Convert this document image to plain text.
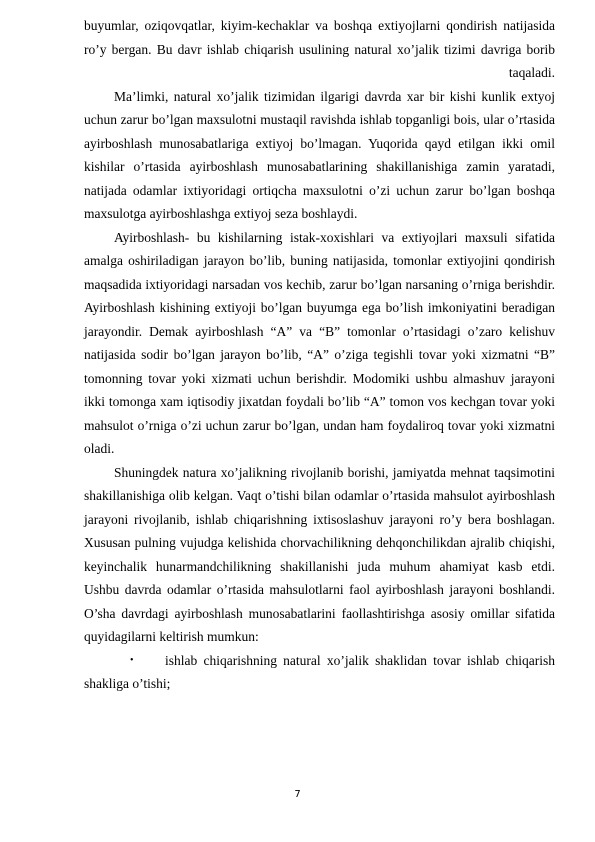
buyumlar, oziqovqatlar, kiyim-kechaklar va boshqa extiyojlarni qondirish natijasida ro’y bergan. Bu davr ishlab chiqarish usulining natural xo’jalik tizimi davriga borib taqaladi.

Ma’limki, natural xo’jalik tizimidan ilgarigi davrda xar bir kishi kunlik extyoj uchun zarur bo’lgan maxsulotni mustaqil ravishda ishlab topganligi bois, ular o’rtasida ayirboshlash munosabatlariga extiyoj bo’lmagan. Yuqorida qayd etilgan ikki omil kishilar o’rtasida ayirboshlash munosabatlarining shakillanishiga zamin yaratadi, natijada odamlar ixtiyoridagi ortiqcha maxsulotni o’zi uchun zarur bo’lgan boshqa maxsulotga ayirboshlashga extiyoj seza boshlaydi.

Ayirboshlash- bu kishilarning istak-xoxishlari va extiyojlari maxsuli sifatida amalga oshiriladigan jarayon bo’lib, buning natijasida, tomonlar extiyojini qondirish maqsadida ixtiyoridagi narsadan vos kechib, zarur bo’lgan narsaning o’rniga berishdir. Ayirboshlash kishining extiyoji bo’lgan buyumga ega bo’lish imkoniyatini beradigan jarayondir. Demak ayirboshlash “A” va “B” tomonlar o’rtasidagi o’zaro kelishuv natijasida sodir bo’lgan jarayon bo’lib, “A” o’ziga tegishli tovar yoki xizmatni “B” tomonning tovar yoki xizmati uchun berishdir. Modomiki ushbu almashuv jarayoni ikki tomonga xam iqtisodiy jixatdan foydali bo’lib “A” tomon vos kechgan tovar yoki mahsulot o’rniga o’zi uchun zarur bo’lgan, undan ham foydaliroq tovar yoki xizmatni oladi.

Shuningdek natura xo’jalikning rivojlanib borishi, jamiyatda mehnat taqsimotini shakillanishiga olib kelgan. Vaqt o’tishi bilan odamlar o’rtasida mahsulot ayirboshlash jarayoni rivojlanib, ishlab chiqarishning ixtisoslashuv jarayoni ro’y bera boshlagan. Xususan pulning vujudga kelishida chorvachilikning dehqonchilikdan ajralib chiqishi, keyinchalik hunarmandchilikning shakillanishi juda muhum ahamiyat kasb etdi. Ushbu davrda odamlar o’rtasida mahsulotlarni faol ayirboshlash jarayoni boshlandi. O’sha davrdagi ayirboshlash munosabatlarini faollashtirishga asosiy omillar sifatida quyidagilarni keltirish mumkun:

• ishlab chiqarishning natural xo’jalik shaklidan tovar ishlab chiqarish shakliga o’tishi;

7
